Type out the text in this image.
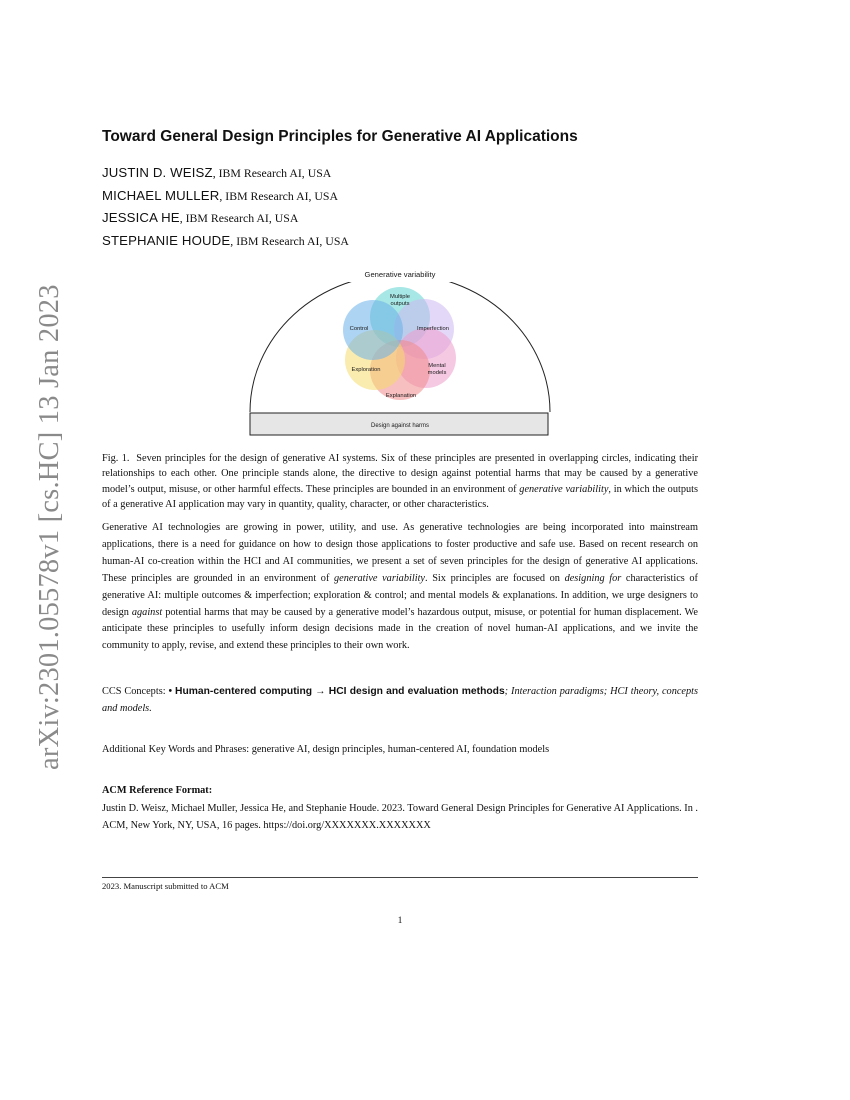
arXiv:2301.05578v1 [cs.HC] 13 Jan 2023
Toward General Design Principles for Generative AI Applications
JUSTIN D. WEISZ, IBM Research AI, USA
MICHAEL MULLER, IBM Research AI, USA
JESSICA HE, IBM Research AI, USA
STEPHANIE HOUDE, IBM Research AI, USA
Generative variability
Multiple
outputs
Imperfection
Mental
models
Explanation
Exploration
Control
Design against harms
Fig. 1. Seven principles for the design of generative AI systems. Six of these principles are presented in overlapping circles, indicating their relationships to each other. One principle stands alone, the directive to design against potential harms that may be caused by a generative model’s output, misuse, or other harmful effects. These principles are bounded in an environment of generative variability, in which the outputs of a generative AI application may vary in quantity, quality, character, or other characteristics.
Generative AI technologies are growing in power, utility, and use. As generative technologies are being incorporated into mainstream applications, there is a need for guidance on how to design those applications to foster productive and safe use. Based on recent research on human-AI co-creation within the HCI and AI communities, we present a set of seven principles for the design of generative AI applications. These principles are grounded in an environment of generative variability. Six principles are focused on designing for characteristics of generative AI: multiple outcomes & imperfection; exploration & control; and mental models & explanations. In addition, we urge designers to design against potential harms that may be caused by a generative model’s hazardous output, misuse, or potential for human displacement. We anticipate these principles to usefully inform design decisions made in the creation of novel human-AI applications, and we invite the community to apply, revise, and extend these principles to their own work.
CCS Concepts: • Human-centered computing → HCI design and evaluation methods; Interaction paradigms; HCI theory, concepts and models.
Additional Key Words and Phrases: generative AI, design principles, human-centered AI, foundation models
ACM Reference Format:
Justin D. Weisz, Michael Muller, Jessica He, and Stephanie Houde. 2023. Toward General Design Principles for Generative AI Applications. In . ACM, New York, NY, USA, 16 pages. https://doi.org/XXXXXXX.XXXXXXX
2023. Manuscript submitted to ACM
1
